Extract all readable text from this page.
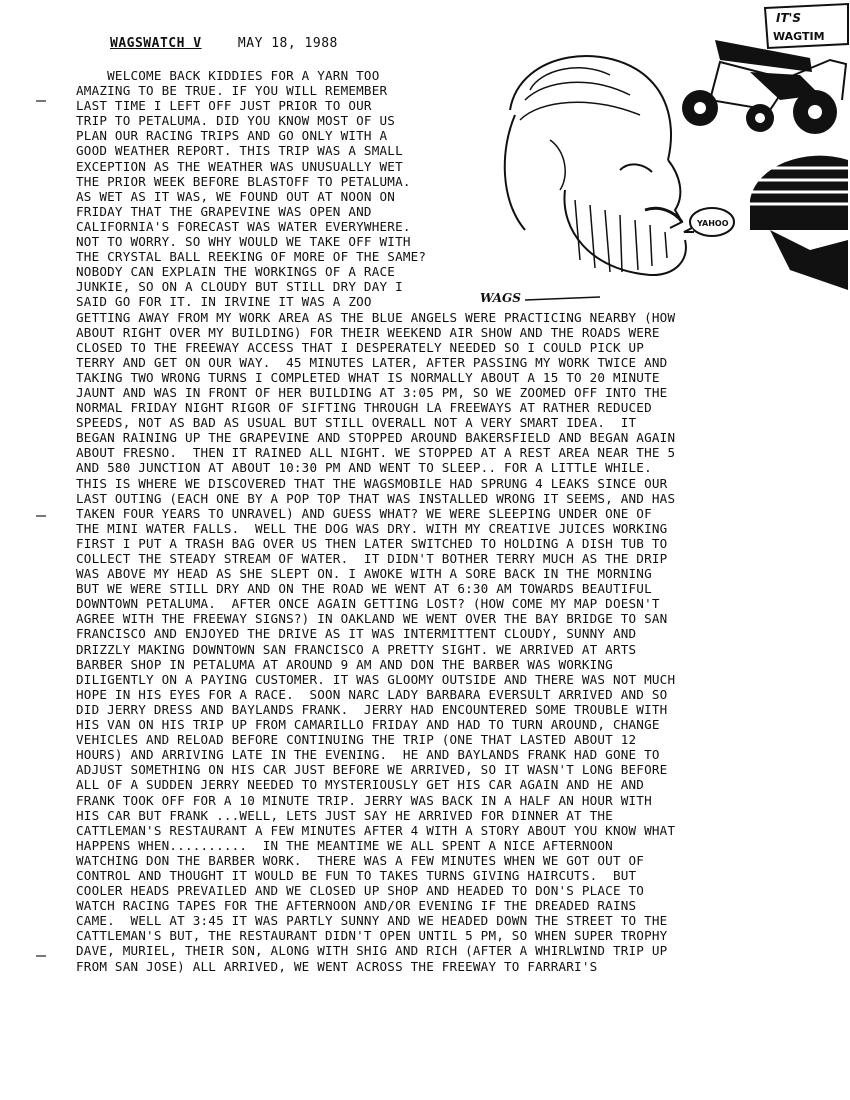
WAGSWATCH V	MAY 18, 1988
IT'S
WAGTIM
YAHOO
WAGS
WELCOME BACK KIDDIES FOR A YARN TOO
AMAZING TO BE TRUE. IF YOU WILL REMEMBER
LAST TIME I LEFT OFF JUST PRIOR TO OUR
TRIP TO PETALUMA. DID YOU KNOW MOST OF US
PLAN OUR RACING TRIPS AND GO ONLY WITH A
GOOD WEATHER REPORT. THIS TRIP WAS A SMALL
EXCEPTION AS THE WEATHER WAS UNUSUALLY WET
THE PRIOR WEEK BEFORE BLASTOFF TO PETALUMA.
AS WET AS IT WAS, WE FOUND OUT AT NOON ON
FRIDAY THAT THE GRAPEVINE WAS OPEN AND
CALIFORNIA'S FORECAST WAS WATER EVERYWHERE.
NOT TO WORRY. SO WHY WOULD WE TAKE OFF WITH
THE CRYSTAL BALL REEKING OF MORE OF THE SAME?
NOBODY CAN EXPLAIN THE WORKINGS OF A RACE
JUNKIE, SO ON A CLOUDY BUT STILL DRY DAY I
SAID GO FOR IT. IN IRVINE IT WAS A ZOO
GETTING AWAY FROM MY WORK AREA AS THE BLUE ANGELS WERE PRACTICING NEARBY (HOW
ABOUT RIGHT OVER MY BUILDING) FOR THEIR WEEKEND AIR SHOW AND THE ROADS WERE
CLOSED TO THE FREEWAY ACCESS THAT I DESPERATELY NEEDED SO I COULD PICK UP
TERRY AND GET ON OUR WAY.  45 MINUTES LATER, AFTER PASSING MY WORK TWICE AND
TAKING TWO WRONG TURNS I COMPLETED WHAT IS NORMALLY ABOUT A 15 TO 20 MINUTE
JAUNT AND WAS IN FRONT OF HER BUILDING AT 3:05 PM, SO WE ZOOMED OFF INTO THE
NORMAL FRIDAY NIGHT RIGOR OF SIFTING THROUGH LA FREEWAYS AT RATHER REDUCED
SPEEDS, NOT AS BAD AS USUAL BUT STILL OVERALL NOT A VERY SMART IDEA.  IT
BEGAN RAINING UP THE GRAPEVINE AND STOPPED AROUND BAKERSFIELD AND BEGAN AGAIN
ABOUT FRESNO.  THEN IT RAINED ALL NIGHT. WE STOPPED AT A REST AREA NEAR THE 5
AND 580 JUNCTION AT ABOUT 10:30 PM AND WENT TO SLEEP.. FOR A LITTLE WHILE.
THIS IS WHERE WE DISCOVERED THAT THE WAGSMOBILE HAD SPRUNG 4 LEAKS SINCE OUR
LAST OUTING (EACH ONE BY A POP TOP THAT WAS INSTALLED WRONG IT SEEMS, AND HAS
TAKEN FOUR YEARS TO UNRAVEL) AND GUESS WHAT? WE WERE SLEEPING UNDER ONE OF
THE MINI WATER FALLS.  WELL THE DOG WAS DRY. WITH MY CREATIVE JUICES WORKING
FIRST I PUT A TRASH BAG OVER US THEN LATER SWITCHED TO HOLDING A DISH TUB TO
COLLECT THE STEADY STREAM OF WATER.  IT DIDN'T BOTHER TERRY MUCH AS THE DRIP
WAS ABOVE MY HEAD AS SHE SLEPT ON. I AWOKE WITH A SORE BACK IN THE MORNING
BUT WE WERE STILL DRY AND ON THE ROAD WE WENT AT 6:30 AM TOWARDS BEAUTIFUL
DOWNTOWN PETALUMA.  AFTER ONCE AGAIN GETTING LOST? (HOW COME MY MAP DOESN'T
AGREE WITH THE FREEWAY SIGNS?) IN OAKLAND WE WENT OVER THE BAY BRIDGE TO SAN
FRANCISCO AND ENJOYED THE DRIVE AS IT WAS INTERMITTENT CLOUDY, SUNNY AND
DRIZZLY MAKING DOWNTOWN SAN FRANCISCO A PRETTY SIGHT. WE ARRIVED AT ARTS
BARBER SHOP IN PETALUMA AT AROUND 9 AM AND DON THE BARBER WAS WORKING
DILIGENTLY ON A PAYING CUSTOMER. IT WAS GLOOMY OUTSIDE AND THERE WAS NOT MUCH
HOPE IN HIS EYES FOR A RACE.  SOON NARC LADY BARBARA EVERSULT ARRIVED AND SO
DID JERRY DRESS AND BAYLANDS FRANK.  JERRY HAD ENCOUNTERED SOME TROUBLE WITH
HIS VAN ON HIS TRIP UP FROM CAMARILLO FRIDAY AND HAD TO TURN AROUND, CHANGE
VEHICLES AND RELOAD BEFORE CONTINUING THE TRIP (ONE THAT LASTED ABOUT 12
HOURS) AND ARRIVING LATE IN THE EVENING.  HE AND BAYLANDS FRANK HAD GONE TO
ADJUST SOMETHING ON HIS CAR JUST BEFORE WE ARRIVED, SO IT WASN'T LONG BEFORE
ALL OF A SUDDEN JERRY NEEDED TO MYSTERIOUSLY GET HIS CAR AGAIN AND HE AND
FRANK TOOK OFF FOR A 10 MINUTE TRIP. JERRY WAS BACK IN A HALF AN HOUR WITH
HIS CAR BUT FRANK ...WELL, LETS JUST SAY HE ARRIVED FOR DINNER AT THE
CATTLEMAN'S RESTAURANT A FEW MINUTES AFTER 4 WITH A STORY ABOUT YOU KNOW WHAT
HAPPENS WHEN..........  IN THE MEANTIME WE ALL SPENT A NICE AFTERNOON
WATCHING DON THE BARBER WORK.  THERE WAS A FEW MINUTES WHEN WE GOT OUT OF
CONTROL AND THOUGHT IT WOULD BE FUN TO TAKES TURNS GIVING HAIRCUTS.  BUT
COOLER HEADS PREVAILED AND WE CLOSED UP SHOP AND HEADED TO DON'S PLACE TO
WATCH RACING TAPES FOR THE AFTERNOON AND/OR EVENING IF THE DREADED RAINS
CAME.  WELL AT 3:45 IT WAS PARTLY SUNNY AND WE HEADED DOWN THE STREET TO THE
CATTLEMAN'S BUT, THE RESTAURANT DIDN'T OPEN UNTIL 5 PM, SO WHEN SUPER TROPHY
DAVE, MURIEL, THEIR SON, ALONG WITH SHIG AND RICH (AFTER A WHIRLWIND TRIP UP
FROM SAN JOSE) ALL ARRIVED, WE WENT ACROSS THE FREEWAY TO FARRARI'S
